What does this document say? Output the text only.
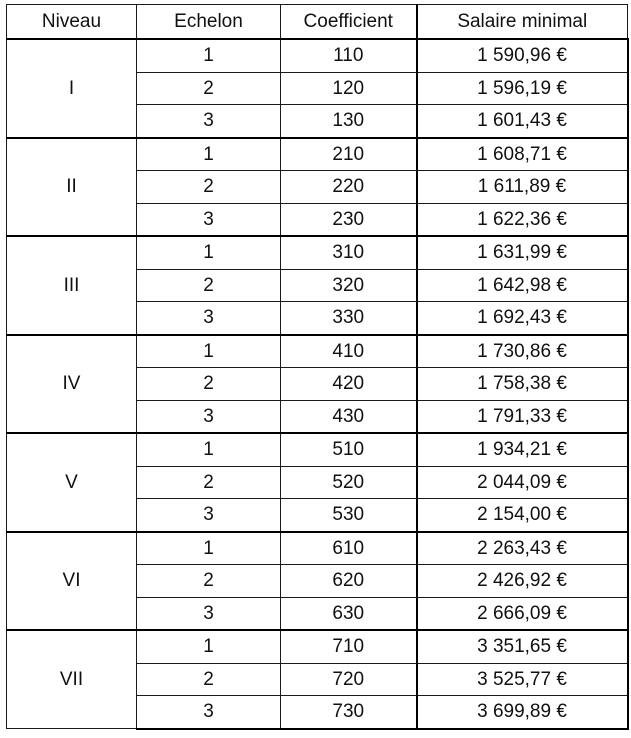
Niveau	Echelon	Coefficient	Salaire minimal
I	1	110	1 590,96 €
	2	120	1 596,19 €
	3	130	1 601,43 €
II	1	210	1 608,71 €
	2	220	1 611,89 €
	3	230	1 622,36 €
III	1	310	1 631,99 €
	2	320	1 642,98 €
	3	330	1 692,43 €
IV	1	410	1 730,86 €
	2	420	1 758,38 €
	3	430	1 791,33 €
V	1	510	1 934,21 €
	2	520	2 044,09 €
	3	530	2 154,00 €
VI	1	610	2 263,43 €
	2	620	2 426,92 €
	3	630	2 666,09 €
VII	1	710	3 351,65 €
	2	720	3 525,77 €
	3	730	3 699,89 €
